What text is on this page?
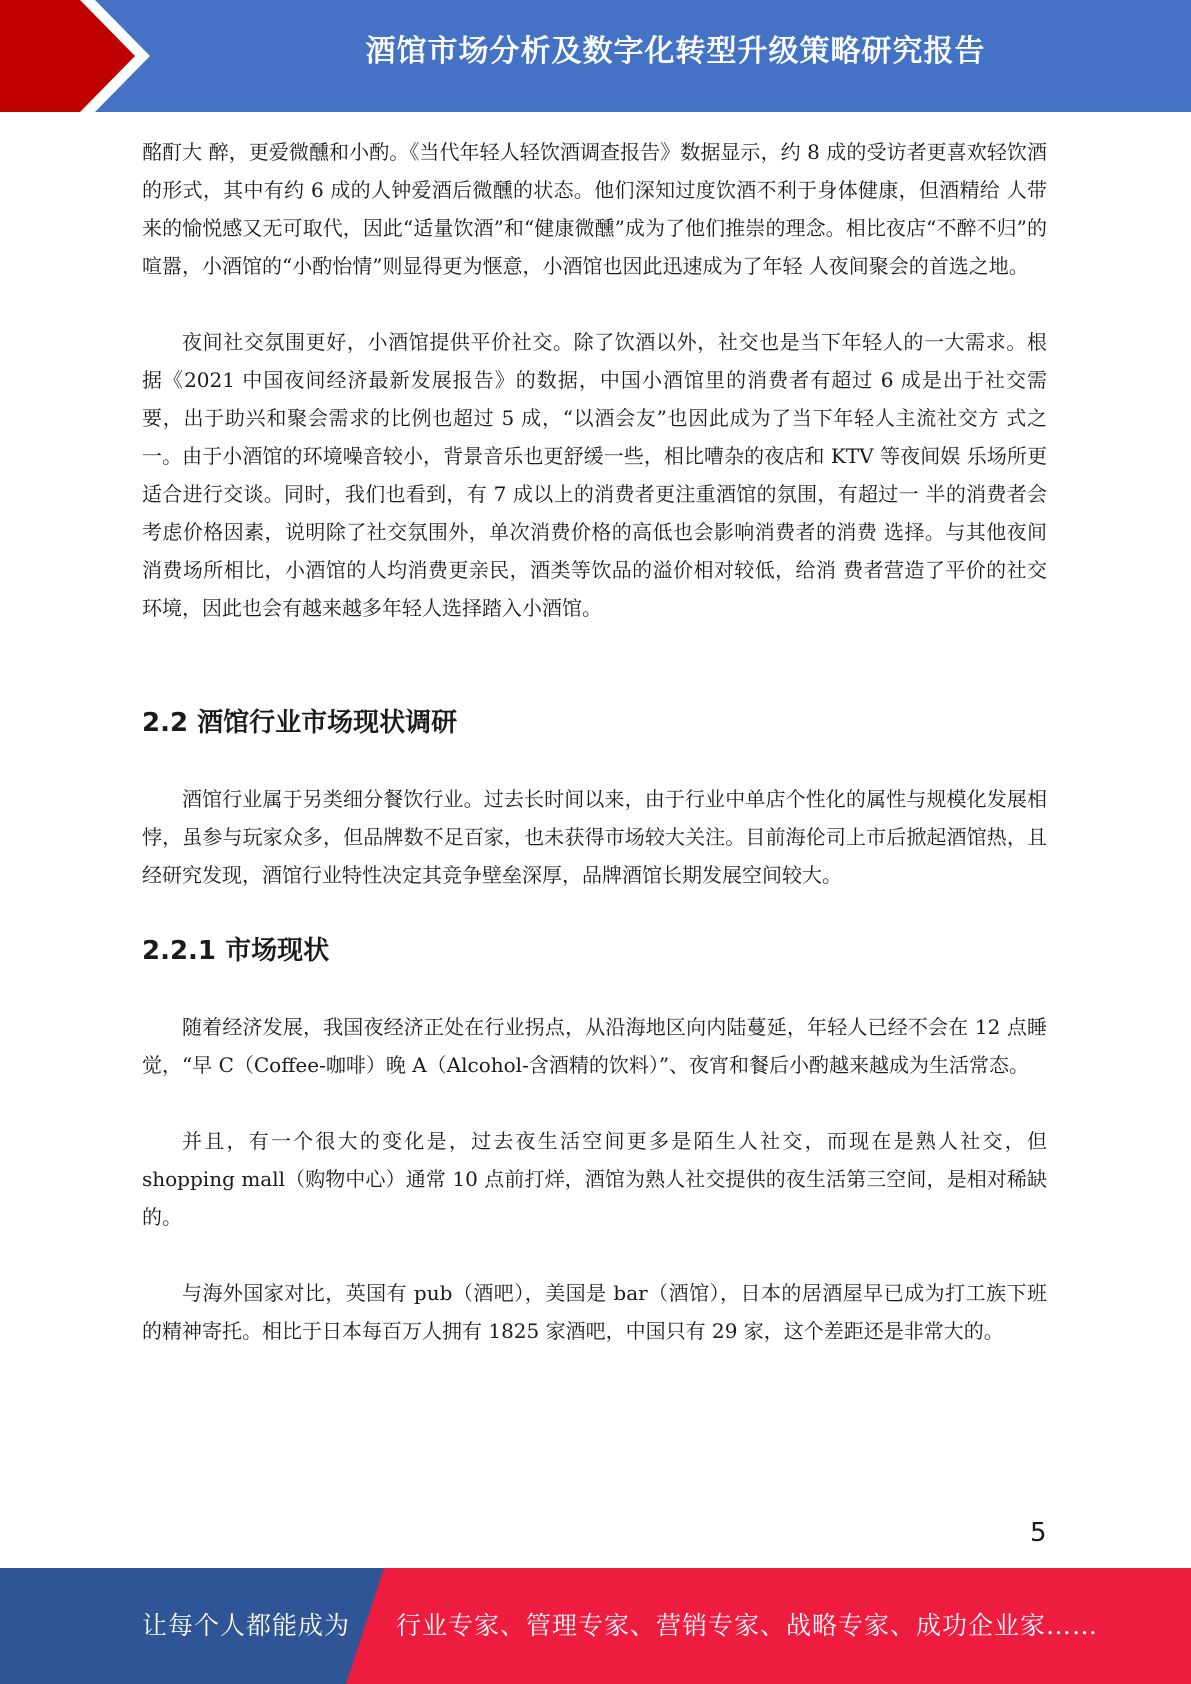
酒馆市场分析及数字化转型升级策略研究报告

酩酊大 醉，更爱微醺和小酌。《当代年轻人轻饮酒调查报告》数据显示，约 8 成的受访者更喜欢轻饮酒 的形式，其中有约 6 成的人钟爱酒后微醺的状态。他们深知过度饮酒不利于身体健康，但酒精给 人带来的愉悦感又无可取代，因此“适量饮酒”和“健康微醺”成为了他们推崇的理念。相比夜店“不醉不归”的喧嚣，小酒馆的“小酌怡情”则显得更为惬意，小酒馆也因此迅速成为了年轻 人夜间聚会的首选之地。

夜间社交氛围更好，小酒馆提供平价社交。除了饮酒以外，社交也是当下年轻人的一大需求。根 据《2021 中国夜间经济最新发展报告》的数据，中国小酒馆里的消费者有超过 6 成是出于社交需 要，出于助兴和聚会需求的比例也超过 5 成，“以酒会友”也因此成为了当下年轻人主流社交方 式之一。由于小酒馆的环境噪音较小，背景音乐也更舒缓一些，相比嘈杂的夜店和 KTV 等夜间娱 乐场所更适合进行交谈。同时，我们也看到，有 7 成以上的消费者更注重酒馆的氛围，有超过一 半的消费者会考虑价格因素，说明除了社交氛围外，单次消费价格的高低也会影响消费者的消费 选择。与其他夜间消费场所相比，小酒馆的人均消费更亲民，酒类等饮品的溢价相对较低，给消 费者营造了平价的社交环境，因此也会有越来越多年轻人选择踏入小酒馆。

2.2 酒馆行业市场现状调研

酒馆行业属于另类细分餐饮行业。过去长时间以来，由于行业中单店个性化的属性与规模化发展相悖，虽参与玩家众多，但品牌数不足百家，也未获得市场较大关注。目前海伦司上市后掀起酒馆热，且经研究发现，酒馆行业特性决定其竞争壁垒深厚，品牌酒馆长期发展空间较大。

2.2.1 市场现状

随着经济发展，我国夜经济正处在行业拐点，从沿海地区向内陆蔓延，年轻人已经不会在 12 点睡觉，“早 C（Coffee-咖啡）晚 A（Alcohol-含酒精的饮料）”、夜宵和餐后小酌越来越成为生活常态。

并且，有一个很大的变化是，过去夜生活空间更多是陌生人社交，而现在是熟人社交，但 shopping mall（购物中心）通常 10 点前打烊，酒馆为熟人社交提供的夜生活第三空间，是相对稀缺的。

与海外国家对比，英国有 pub（酒吧），美国是 bar（酒馆），日本的居酒屋早已成为打工族下班的精神寄托。相比于日本每百万人拥有 1825 家酒吧，中国只有 29 家，这个差距还是非常大的。

5
让每个人都能成为 行业专家、管理专家、营销专家、战略专家、成功企业家……
